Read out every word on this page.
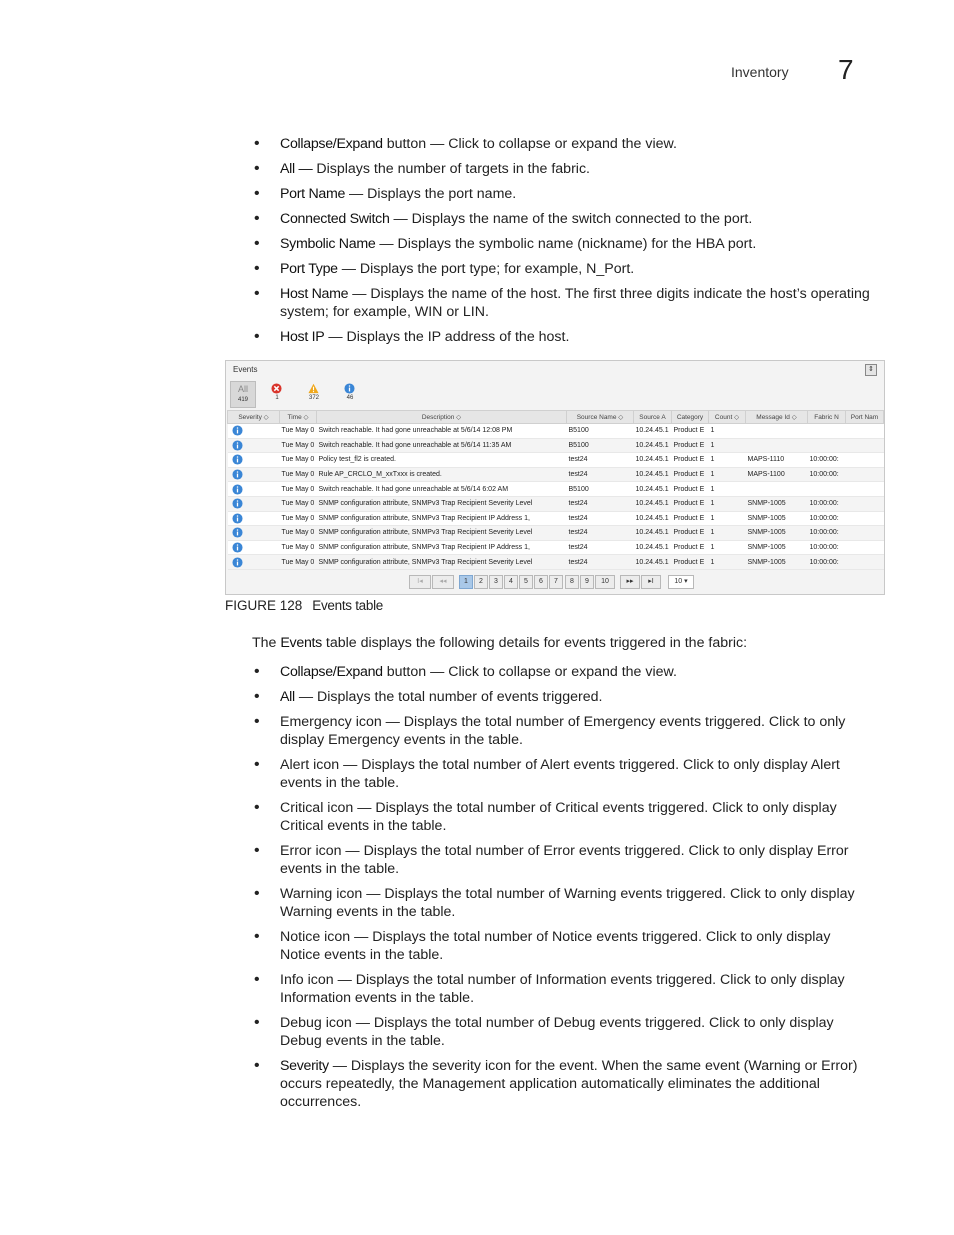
Inventory 7
• Collapse/Expand button — Click to collapse or expand the view.
• All — Displays the number of targets in the fabric.
• Port Name — Displays the port name.
• Connected Switch — Displays the name of the switch connected to the port.
• Symbolic Name — Displays the symbolic name (nickname) for the HBA port.
• Port Type — Displays the port type; for example, N_Port.
• Host Name — Displays the name of the host. The first three digits indicate the host’s operating system; for example, WIN or LIN.
• Host IP — Displays the IP address of the host.
Events	⇕
All
419	1	372	46
Severity ◇	Time ◇	Description ◇	Source Name ◇	Source A	Category	Count ◇	Message Id ◇	Fabric N	Port Nam
	Tue May 0	Switch reachable. It had gone unreachable at 5/6/14 12:08 PM	B5100	10.24.45.1	Product E	1			
	Tue May 0	Switch reachable. It had gone unreachable at 5/6/14 11:35 AM	B5100	10.24.45.1	Product E	1			
	Tue May 0	Policy test_fl2 is created.	test24	10.24.45.1	Product E	1	MAPS-1110	10:00:00:	
	Tue May 0	Rule AP_CRCLO_M_xxTxxx is created.	test24	10.24.45.1	Product E	1	MAPS-1100	10:00:00:	
	Tue May 0	Switch reachable. It had gone unreachable at 5/6/14 6:02 AM	B5100	10.24.45.1	Product E	1			
	Tue May 0	SNMP configuration attribute, SNMPv3 Trap Recipient Severity Level	test24	10.24.45.1	Product E	1	SNMP-1005	10:00:00:	
	Tue May 0	SNMP configuration attribute, SNMPv3 Trap Recipient IP Address 1,	test24	10.24.45.1	Product E	1	SNMP-1005	10:00:00:	
	Tue May 0	SNMP configuration attribute, SNMPv3 Trap Recipient Severity Level	test24	10.24.45.1	Product E	1	SNMP-1005	10:00:00:	
	Tue May 0	SNMP configuration attribute, SNMPv3 Trap Recipient IP Address 1,	test24	10.24.45.1	Product E	1	SNMP-1005	10:00:00:	
	Tue May 0	SNMP configuration attribute, SNMPv3 Trap Recipient Severity Level	test24	10.24.45.1	Product E	1	SNMP-1005	10:00:00:	
I◂	◂◂	1	2	3	4	5	6	7	8	9	10	▸▸	▸I	10 ▾
FIGURE 128 Events table
The Events table displays the following details for events triggered in the fabric:
• Collapse/Expand button — Click to collapse or expand the view.
• All — Displays the total number of events triggered.
• Emergency icon — Displays the total number of Emergency events triggered. Click to only display Emergency events in the table.
• Alert icon — Displays the total number of Alert events triggered. Click to only display Alert events in the table.
• Critical icon — Displays the total number of Critical events triggered. Click to only display Critical events in the table.
• Error icon — Displays the total number of Error events triggered. Click to only display Error events in the table.
• Warning icon — Displays the total number of Warning events triggered. Click to only display Warning events in the table.
• Notice icon — Displays the total number of Notice events triggered. Click to only display Notice events in the table.
• Info icon — Displays the total number of Information events triggered. Click to only display Information events in the table.
• Debug icon — Displays the total number of Debug events triggered. Click to only display Debug events in the table.
• Severity — Displays the severity icon for the event. When the same event (Warning or Error) occurs repeatedly, the Management application automatically eliminates the additional occurrences.
